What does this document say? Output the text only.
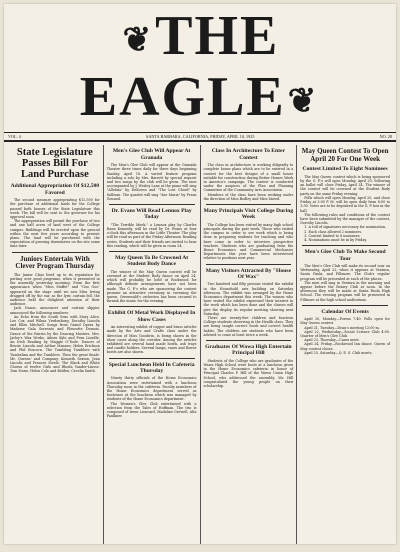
❦THE EAGLE❦
VOL. 4	SANTA BARBARA, CALIFORNIA, FRIDAY, APRIL 10, 1925	NO. 28
State Legislature Passes Bill For Land Purchase
Additional Appropriation Of $12,500 Favored

The second measure appropriating $12,500 for the purchase of additional lands for the College passed both houses of the State Legislature this week. The bill will be sent to the governor for his approval soon.

The appropriation will permit the purchase of two and one half acres of land west of the College campus. Buildings will be erected upon the ground within the next few years according to present plans. The land will be purchased with the expectation of growing dormitories on the site some time later.

Juniors Entertain With Clever Program Thursday

The Junior Class lived up to its reputation for putting over good programs, when it presented in the assembly yesterday morning. From the first appearance when "Miss Muffet" and "Goo Goo" appeared on the stage until we saw Miss Irving dragged off by the ear, as the lyric curtain fell, the audience held the delighted attention of their audience.

Jack Nason, announcer and curtain slipper, announced the following numbers:

An Echo from the South Seas with Mary Alice, Lee Cox, and Wilma Vredenburg, Dorothy Lincoln and Ellen Mitchell. Songs from Grand Opera by Madame Gala Sorrento and Fleurette Dumois. Dance of the Fairies by the Dancing Masters. Mrs. Jarley's Wax Works, Aileen Kyle and Fern Linville. An Irish Reading by Maggie O'Toole. Dances of Bessie Lincoln and Arthur Mannes; Helen Erickson and Phil Boscorn. The Tumbling Tumblers with Tumbelina and the Tumblers. Then the great finale: Mr. Queens' and Company, Kenneth Sexton, Jean Lincoln and Frances Steele. The Black and White Chorus of twelve Girls and Rhoda Vander-Linsse. Tom Stone, Helen Cole and Belden, Cecelia Smith.

Men's Glee Club Will Appear At Granada

The Men's Glee Club will appear at the Granada Theater three times daily for three days beginning Sunday, April 18. A varied feature program including a solo by Mrs. Barrett by special request and two songs by the club will be given. The men accompanied by J. Wesley Lane at the piano will sing "Alleluia" by DeKoven and "The Lost Chord" by Sullivan. The quartet will sing "Ave Maria" by Franz Gounod.

Dr. Evans Will Read Lennox Play Today

"The Terrible Meek," a Lennox play by Charles Rann Kennedy, will be read by Dr. Evans at four o'clock this afternoon in the Little Theater. The play will be read as part of the Friday Afternoon Reading series. Students and their friends are invited to hear this reading, which will be given in room 24.

May Queen To Be Crowned At Student Body Dance

The winner of the May Queen contest will be crowned at the Student Body dance on April 24, which will probably be held at Rockwood for although definite arrangements have not been made. The G. P.'s who are sponsoring the contest promise an attractive ceremony in crowning the queen. Greenwald's orchestra has been secured to furnish the music for the evening.

Exhibit Of Metal Work Displayed In Show Cases

An interesting exhibit of copper and brass articles made by the Arts and Crafts class under the direction of Miss Goodwin, is being shown in the show cases along the corridor. Among the articles exhibited are several hand made bowls, ash trays and candle holders. Several lamps, vases and flower bowls are also shown.

Special Luncheon Held In Cafeteria Thursday

Ninety thirty officials of the Home Economics Association were entertained with a luncheon Thursday noon in the cafeteria. Faculty members of the Home Economics department served as hostesses at the luncheon which was managed by students of the Home Economics department.

The Women's Glee Club entertained with a selection from the Tales of Hoffman. The trio is composed of Irene Lionvard, Madaline Grewell, Alta Faulkner.

Class In Architecture To Enter Contest

The class in architecture is working diligently to complete house plans which are to be entered in a contest for the best designs of a small house suitable for construction during Better Homes Week in America's campaign. The contest is conducted under the auspices of the Plan and Planning Committee of the Community Arts Association.

Members of the class have been working under the direction of Miss Bodley and Miss Sneed.

Many Principals Visit College During Week

The College has been visited by many high school principals during the past week. Those who visited the campus in order to see work which is being done in preparing students for teaching and who have come in order to interview prospective teachers. Students who are graduating from the Home Economics and Commercial Mechanics Departments this year have been interviewed relative to positions next year.

Many Visitors Attracted By "House Of Wax"

Two hundred and fifty persons visited the exhibit in the Household arts building on Saturday afternoon. The exhibit was arranged by the Home Economics department this week. The women who have visited the exhibit expressed their interest in the work which has been done and the classes will give the display its regular meeting showing next Saturday.

There are twenty-five children and fourteen College students observing in the Health class. They are being taught correct foods and correct health habits. The children are students who have been advised to come at least twice a week.

Graduates Of Wawa High Entertain Principal Hill

Students of the College who are graduates of the Wawa High School were hosts at a luncheon given in the Home Economics cafeteria in honor of Principal Charles F. Hill of the Wawa Union High School, who addressed the assembly. Mr. Hill congratulated the young people on their scholarship.

May Queen Contest To Open April 20 For One Week
Contest Limited To Eight Nominees

The May Queen contest which is being sponsored by the G. P.'s will open Monday, April 20, following an ballot will close Friday, April 24. The winner of the contest will be crowned at the Student Body party on the same Friday evening.

Polls which will open Monday, April 20, and close Friday at 3:00 P. M. will be open daily from 8:00 to 3:30. Votes are to be deposited in the G. P. box in the hall.

The following rules and conditions of the contest have been submitted by the manager of the contest, Dorothy Lincoln.

1. A roll of signatures necessary for nomination.

2. Each class allowed 2 nominees.

3. Contest limited to 8 nominees.

4. Nominations must be in by Friday.

Men's Glee Club To Make Second Tour

The Men's Glee Club will make its second tour on Wednesday, April 22, when it appears at Ventura, Santa Paula, and Fillmore. The Club's regular program will be presented at each of the places.

The men will sing in Ventura in the morning and appear before the Rotary Club at noon. In the afternoon they will be made at Santa Paula High School. The evening program will be presented in Fillmore at the high school auditorium.

Calendar Of Events

April 20, Monday—Forum 7:40. Polls open for May Queen contest.

April 21, Tuesday—Dean's meeting 12:00 m.

April 22, Wednesday—Social Science Club 4:00. Quarter of Men's Glee Club.

April 23, Thursday—Cases meet.

April 24, Friday—Rockwood Inn dance. Queen of May contest closes.

April 25, Saturday—Q. E. S. Club meets.
